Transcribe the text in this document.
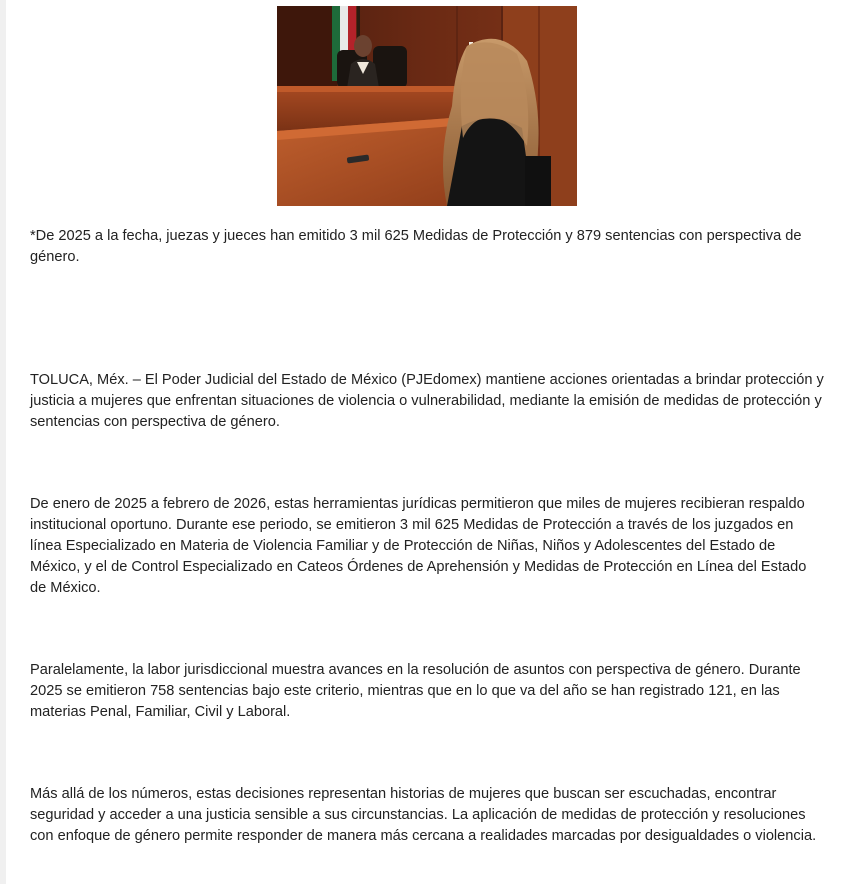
*De 2025 a la fecha, juezas y jueces han emitido 3 mil 625 Medidas de Protección y 879 sentencias con perspectiva de género.

TOLUCA, Méx. – El Poder Judicial del Estado de México (PJEdomex) mantiene acciones orientadas a brindar protección y justicia a mujeres que enfrentan situaciones de violencia o vulnerabilidad, mediante la emisión de medidas de protección y sentencias con perspectiva de género.

De enero de 2025 a febrero de 2026, estas herramientas jurídicas permitieron que miles de mujeres recibieran respaldo institucional oportuno. Durante ese periodo, se emitieron 3 mil 625 Medidas de Protección a través de los juzgados en línea Especializado en Materia de Violencia Familiar y de Protección de Niñas, Niños y Adolescentes del Estado de México, y el de Control Especializado en Cateos Órdenes de Aprehensión y Medidas de Protección en Línea del Estado de México.

Paralelamente, la labor jurisdiccional muestra avances en la resolución de asuntos con perspectiva de género. Durante 2025 se emitieron 758 sentencias bajo este criterio, mientras que en lo que va del año se han registrado 121, en las materias Penal, Familiar, Civil y Laboral.

Más allá de los números, estas decisiones representan historias de mujeres que buscan ser escuchadas, encontrar seguridad y acceder a una justicia sensible a sus circunstancias. La aplicación de medidas de protección y resoluciones con enfoque de género permite responder de manera más cercana a realidades marcadas por desigualdades o violencia.
